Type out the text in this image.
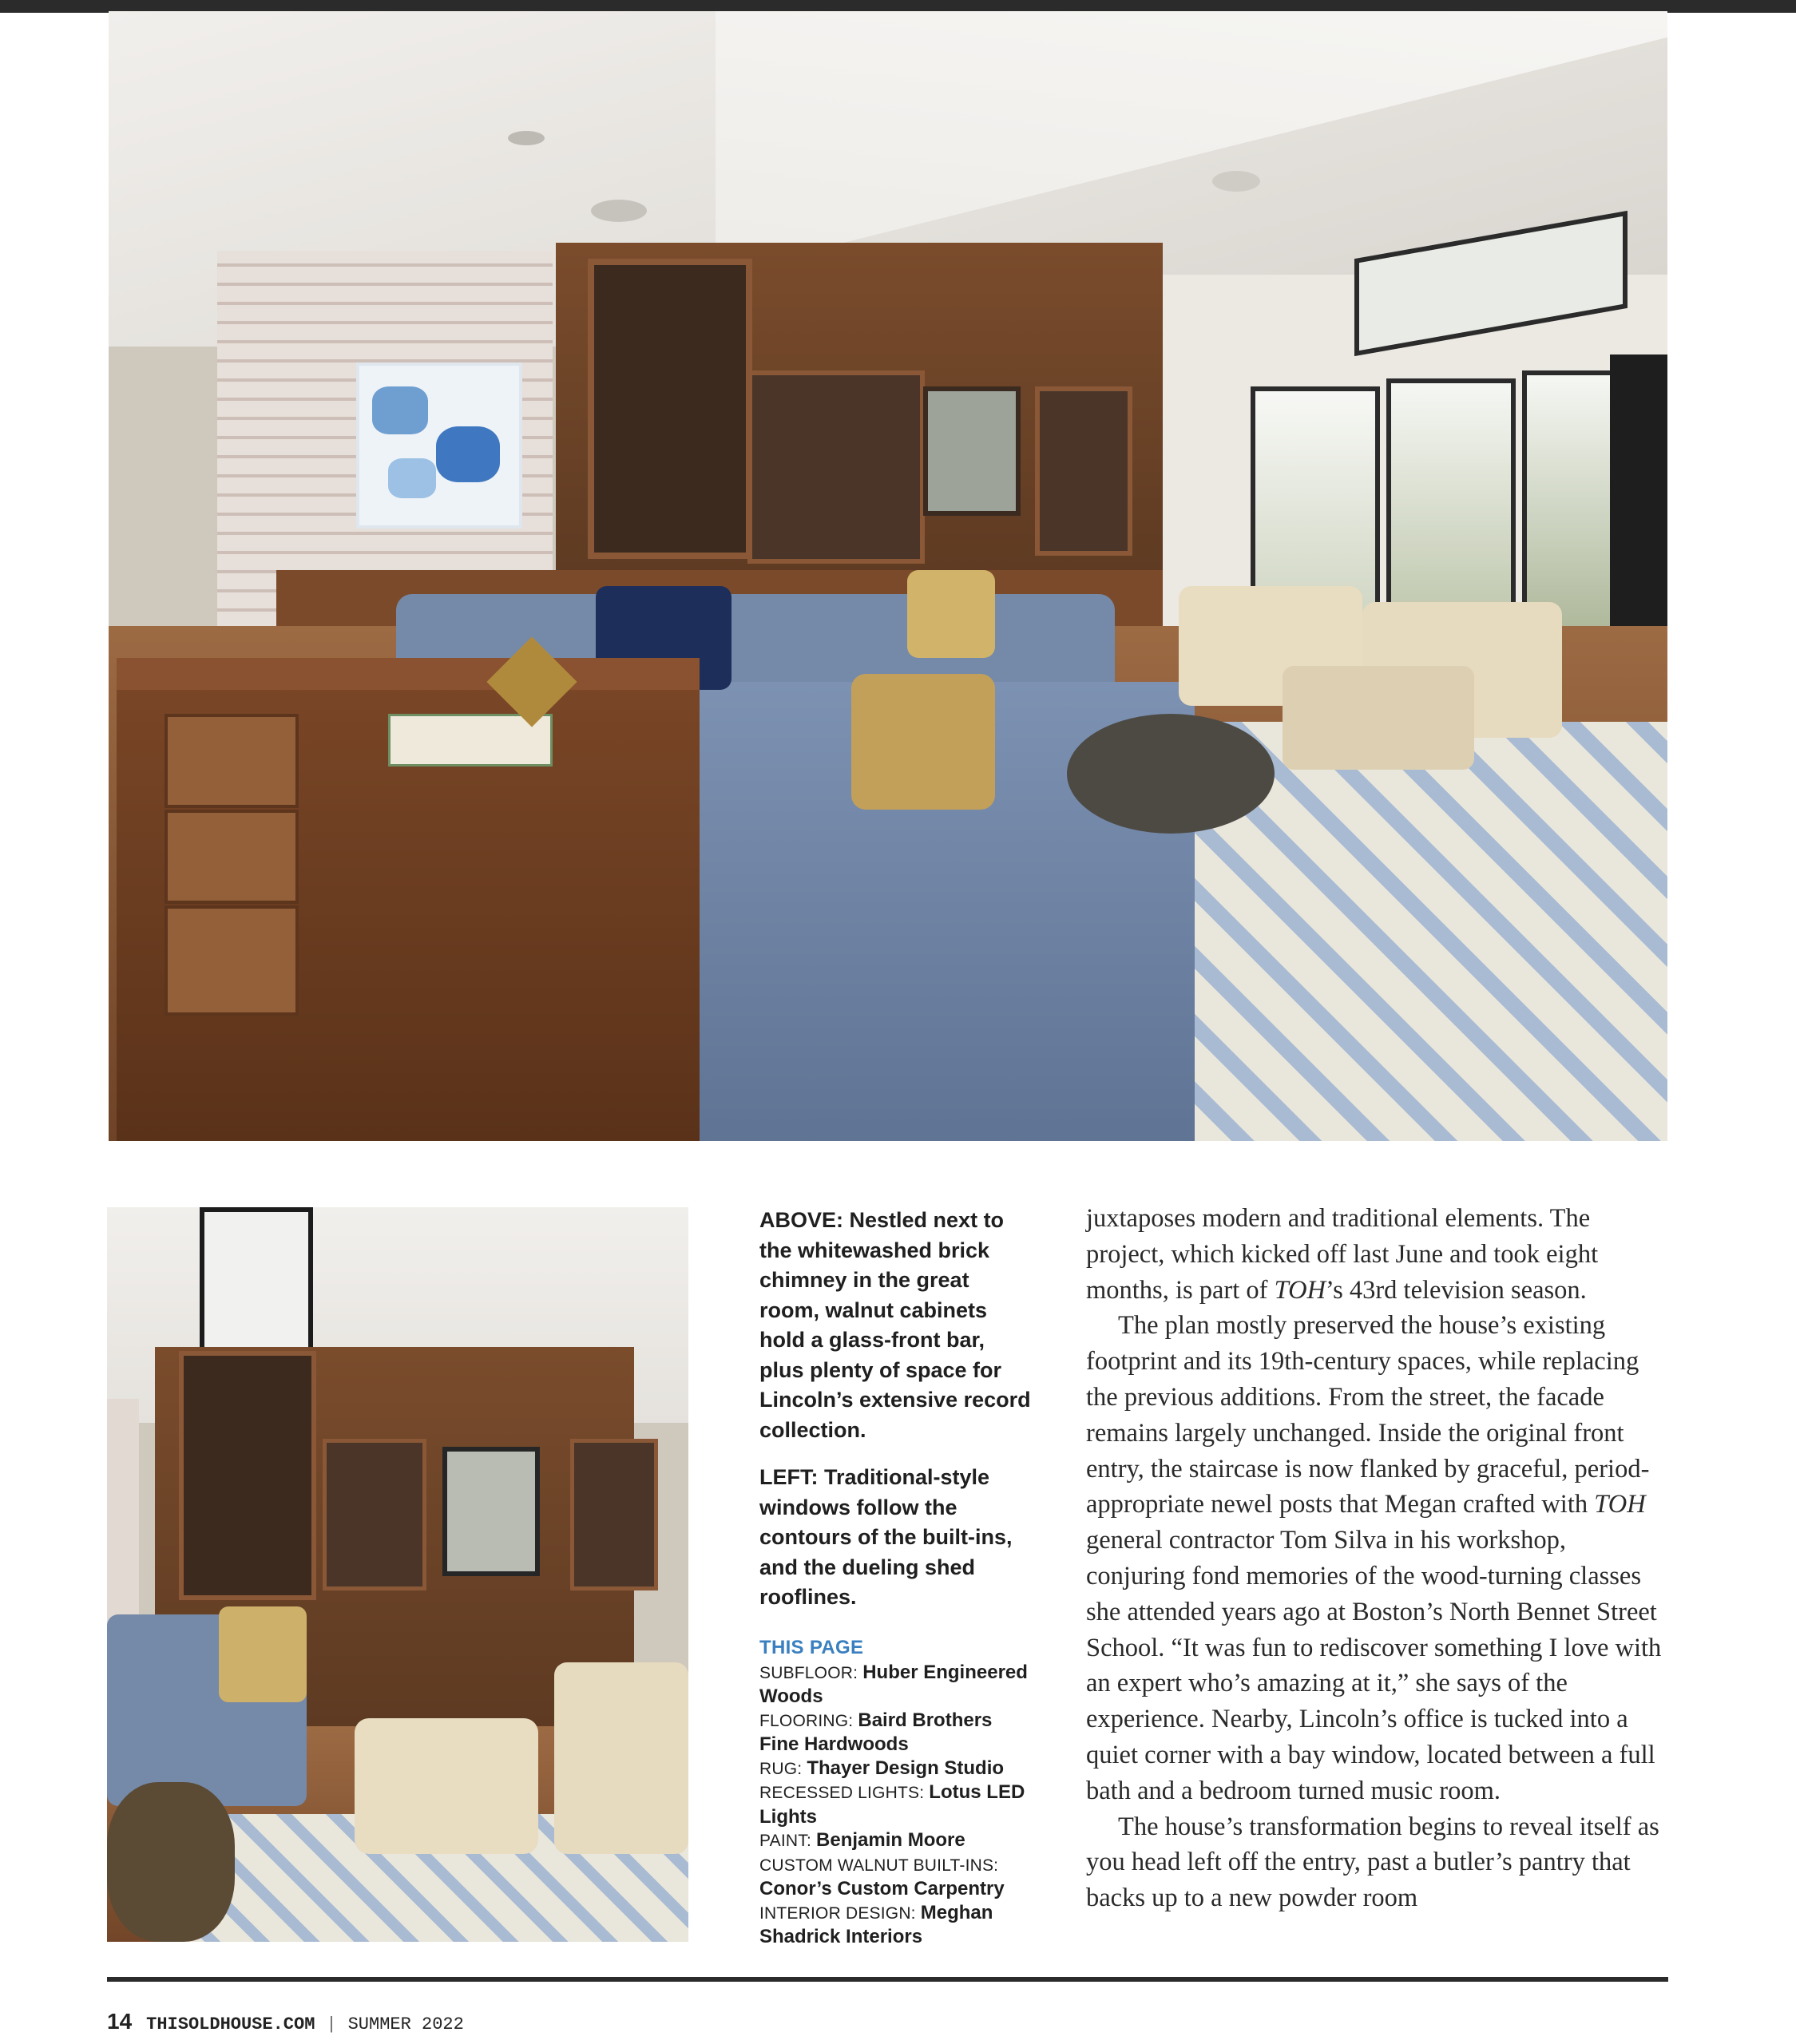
ABOVE: Nestled next to the whitewashed brick chimney in the great room, walnut cabinets hold a glass-front bar, plus plenty of space for Lincoln’s extensive record collection.

LEFT: Traditional-style windows follow the contours of the built-ins, and the dueling shed rooflines.

THIS PAGE
SUBFLOOR: Huber Engineered Woods
FLOORING: Baird Brothers Fine Hardwoods
RUG: Thayer Design Studio
RECESSED LIGHTS: Lotus LED Lights
PAINT: Benjamin Moore
CUSTOM WALNUT BUILT-INS: Conor’s Custom Carpentry
INTERIOR DESIGN: Meghan Shadrick Interiors

juxtaposes modern and traditional elements. The project, which kicked off last June and took eight months, is part of TOH’s 43rd television season.

The plan mostly preserved the house’s existing footprint and its 19th-century spaces, while replacing the previous additions. From the street, the facade remains largely unchanged. Inside the original front entry, the staircase is now flanked by graceful, period-appropriate newel posts that Megan crafted with TOH general contractor Tom Silva in his workshop, conjuring fond memories of the wood-turning classes she attended years ago at Boston’s North Bennet Street School. “It was fun to rediscover something I love with an expert who’s amazing at it,” she says of the experience. Nearby, Lincoln’s office is tucked into a quiet corner with a bay window, located between a full bath and a bedroom turned music room.

The house’s transformation begins to reveal itself as you head left off the entry, past a butler’s pantry that backs up to a new powder room

14 THISOLDHOUSE.COM | SUMMER 2022
